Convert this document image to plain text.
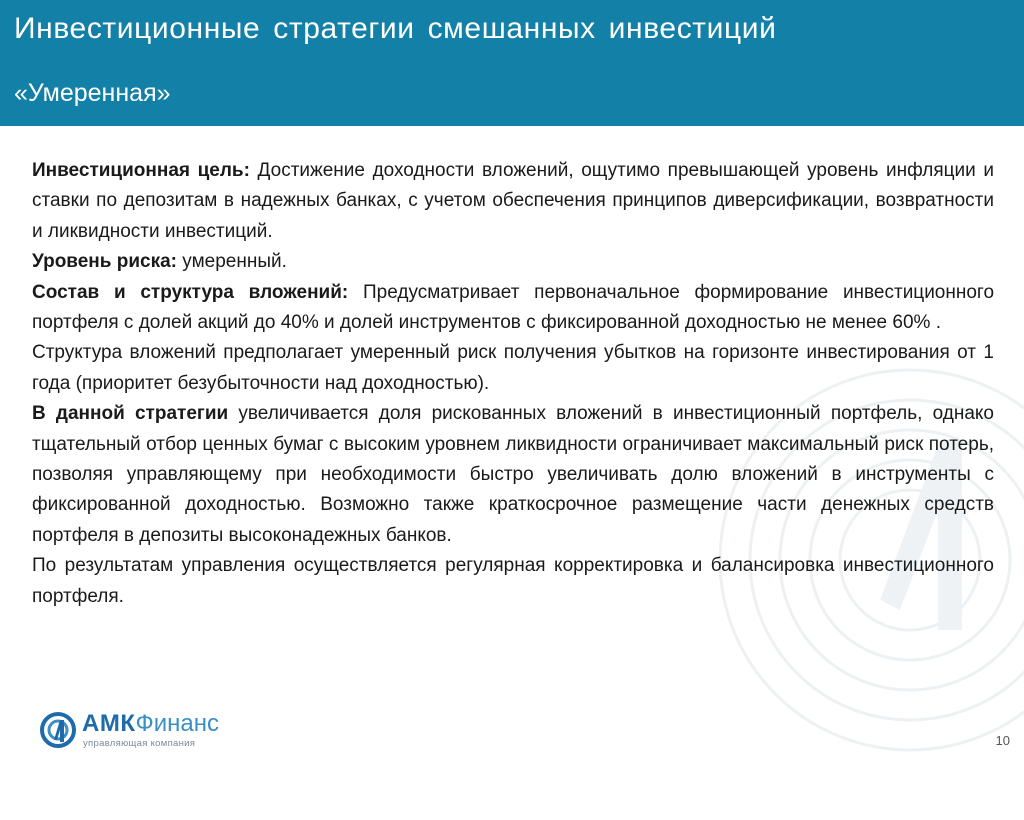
Инвестиционные стратегии смешанных инвестиций
«Умеренная»

Инвестиционная цель: Достижение доходности вложений, ощутимо превышающей уровень инфляции и ставки по депозитам в надежных банках, с учетом обеспечения принципов диверсификации, возвратности и ликвидности инвестиций.

Уровень риска: умеренный.

Состав и структура вложений: Предусматривает первоначальное формирование инвестиционного портфеля с долей акций до 40% и долей инструментов с фиксированной доходностью не менее 60% .

Структура вложений предполагает умеренный риск получения убытков на горизонте инвестирования от 1 года (приоритет безубыточности над доходностью).

В данной стратегии увеличивается доля рискованных вложений в инвестиционный портфель, однако тщательный отбор ценных бумаг с высоким уровнем ликвидности ограничивает максимальный риск потерь, позволяя управляющему при необходимости быстро увеличивать долю вложений в инструменты с фиксированной доходностью. Возможно также краткосрочное размещение части денежных средств портфеля в депозиты высоконадежных банков.

По результатам управления осуществляется регулярная корректировка и балансировка инвестиционного портфеля.

АМКФинанс
управляющая компания	10
